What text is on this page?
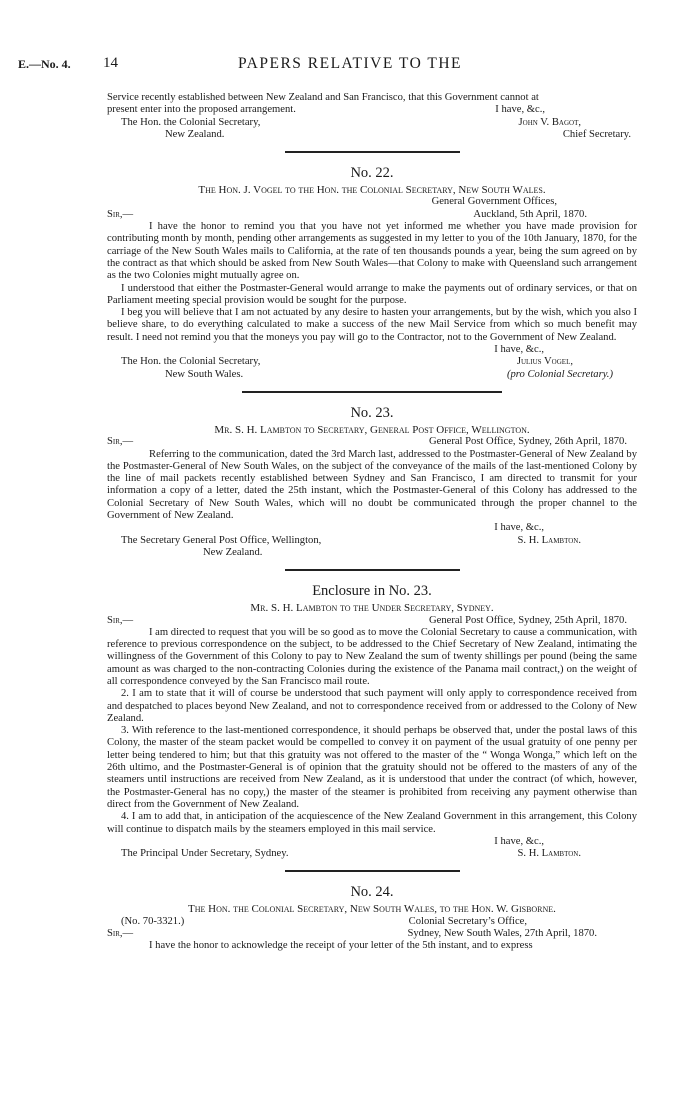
E.—No. 4. 14	PAPERS RELATIVE TO THE

Service recently established between New Zealand and San Francisco, that this Government cannot at

present enter into the proposed arrangement.	I have, &c.,
The Hon. the Colonial Secretary,	John V. Bagot,
New Zealand.	Chief Secretary.
No. 22.
The Hon. J. Vogel to the Hon. the Colonial Secretary, New South Wales.
General Government Offices,
Sir,—	Auckland, 5th April, 1870.

I have the honor to remind you that you have not yet informed me whether you have made provision for contributing month by month, pending other arrangements as suggested in my letter to you of the 10th January, 1870, for the carriage of the New South Wales mails to California, at the rate of ten thousands pounds a year, being the sum agreed on by the contract as that which should be asked from New South Wales—that Colony to make with Queensland such arrangement as the two Colonies might mutually agree on.

I understood that either the Postmaster-General would arrange to make the payments out of ordinary services, or that on Parliament meeting special provision would be sought for the purpose.

I beg you will believe that I am not actuated by any desire to hasten your arrangements, but by the wish, which you also I believe share, to do everything calculated to make a success of the new Mail Service from which so much benefit may result. I need not remind you that the moneys you pay will go to the Contractor, not to the Government of New Zealand.

I have, &c.,
The Hon. the Colonial Secretary,	Julius Vogel,
New South Wales.	(pro Colonial Secretary.)
No. 23.
Mr. S. H. Lambton to Secretary, General Post Office, Wellington.
Sir,—	General Post Office, Sydney, 26th April, 1870.

Referring to the communication, dated the 3rd March last, addressed to the Postmaster-General of New Zealand by the Postmaster-General of New South Wales, on the subject of the conveyance of the mails of the last-mentioned Colony by the line of mail packets recently established between Sydney and San Francisco, I am directed to transmit for your information a copy of a letter, dated the 25th instant, which the Postmaster-General of this Colony has addressed to the Colonial Secretary of New South Wales, which will no doubt be communicated through the proper channel to the Government of New Zealand.

I have, &c.,
The Secretary General Post Office, Wellington,	S. H. Lambton.
New Zealand.
Enclosure in No. 23.
Mr. S. H. Lambton to the Under Secretary, Sydney.
Sir,—	General Post Office, Sydney, 25th April, 1870.

I am directed to request that you will be so good as to move the Colonial Secretary to cause a communication, with reference to previous correspondence on the subject, to be addressed to the Chief Secretary of New Zealand, intimating the willingness of the Government of this Colony to pay to New Zealand the sum of twenty shillings per pound (being the same amount as was charged to the non-contracting Colonies during the existence of the Panama mail contract,) on the weight of all correspondence conveyed by the San Francisco mail route.

2. I am to state that it will of course be understood that such payment will only apply to correspondence received from and despatched to places beyond New Zealand, and not to correspondence received from or addressed to the Colony of New Zealand.

3. With reference to the last-mentioned correspondence, it should perhaps be observed that, under the postal laws of this Colony, the master of the steam packet would be compelled to convey it on payment of the usual gratuity of one penny per letter being tendered to him; but that this gratuity was not offered to the master of the “ Wonga Wonga,” which left on the 26th ultimo, and the Postmaster-General is of opinion that the gratuity should not be offered to the masters of any of the steamers until instructions are received from New Zealand, as it is understood that under the contract (of which, however, the Postmaster-General has no copy,) the master of the steamer is prohibited from receiving any payment otherwise than direct from the Government of New Zealand.

4. I am to add that, in anticipation of the acquiescence of the New Zealand Government in this arrangement, this Colony will continue to dispatch mails by the steamers employed in this mail service.

I have, &c.,
The Principal Under Secretary, Sydney.	S. H. Lambton.
No. 24.
The Hon. the Colonial Secretary, New South Wales, to the Hon. W. Gisborne.
(No. 70-3321.)	Colonial Secretary’s Office,
Sir,—	Sydney, New South Wales, 27th April, 1870.

I have the honor to acknowledge the receipt of your letter of the 5th instant, and to express
